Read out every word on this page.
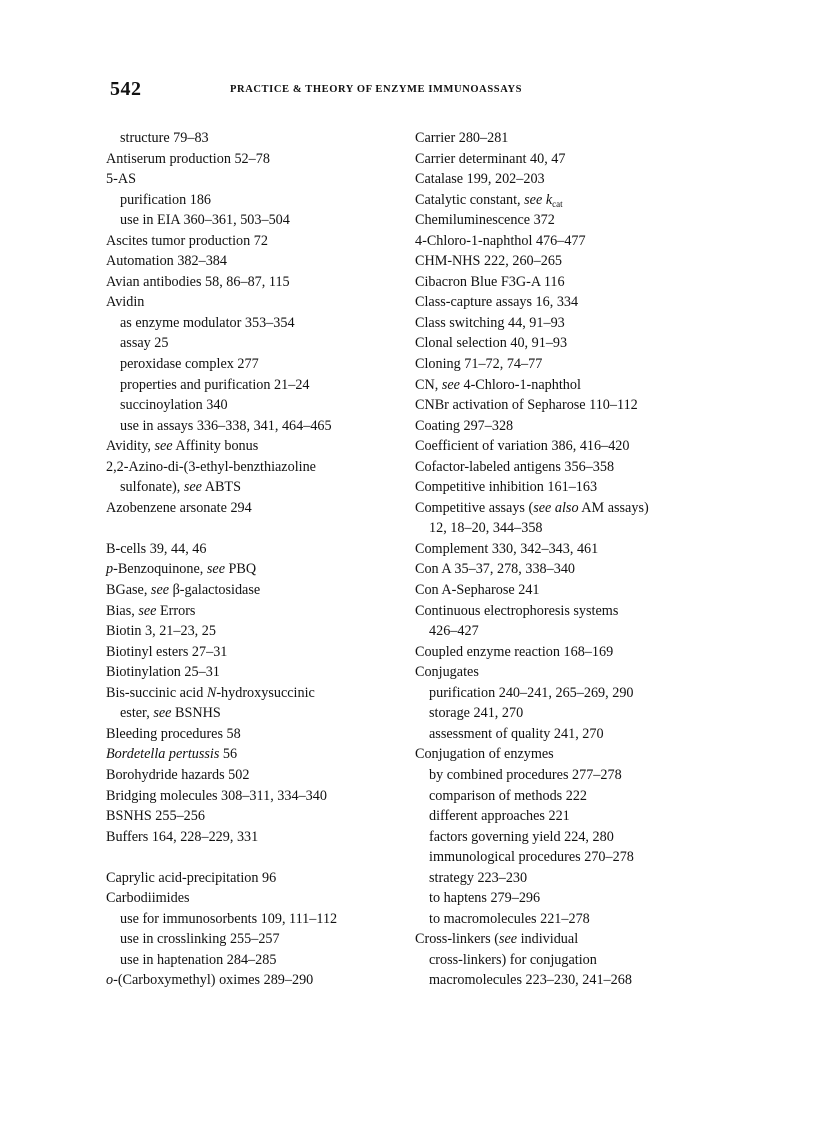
542	PRACTICE & THEORY OF ENZYME IMMUNOASSAYS
structure 79–83
Antiserum production 52–78
5-AS
purification 186
use in EIA 360–361, 503–504
Ascites tumor production 72
Automation 382–384
Avian antibodies 58, 86–87, 115
Avidin
as enzyme modulator 353–354
assay 25
peroxidase complex 277
properties and purification 21–24
succinoylation 340
use in assays 336–338, 341, 464–465
Avidity, see Affinity bonus
2,2-Azino-di-(3-ethyl-benzthiazoline
sulfonate), see ABTS
Azobenzene arsonate 294
B-cells 39, 44, 46
p-Benzoquinone, see PBQ
BGase, see β-galactosidase
Bias, see Errors
Biotin 3, 21–23, 25
Biotinyl esters 27–31
Biotinylation 25–31
Bis-succinic acid N-hydroxysuccinic
ester, see BSNHS
Bleeding procedures 58
Bordetella pertussis 56
Borohydride hazards 502
Bridging molecules 308–311, 334–340
BSNHS 255–256
Buffers 164, 228–229, 331
Caprylic acid-precipitation 96
Carbodiimides
use for immunosorbents 109, 111–112
use in crosslinking 255–257
use in haptenation 284–285
o-(Carboxymethyl) oximes 289–290
Carrier 280–281
Carrier determinant 40, 47
Catalase 199, 202–203
Catalytic constant, see $k_{cat}$
Chemiluminescence 372
4-Chloro-1-naphthol 476–477
CHM-NHS 222, 260–265
Cibacron Blue F3G-A 116
Class-capture assays 16, 334
Class switching 44, 91–93
Clonal selection 40, 91–93
Cloning 71–72, 74–77
CN, see 4-Chloro-1-naphthol
CNBr activation of Sepharose 110–112
Coating 297–328
Coefficient of variation 386, 416–420
Cofactor-labeled antigens 356–358
Competitive inhibition 161–163
Competitive assays (see also AM assays)
12, 18–20, 344–358
Complement 330, 342–343, 461
Con A 35–37, 278, 338–340
Con A-Sepharose 241
Continuous electrophoresis systems
426–427
Coupled enzyme reaction 168–169
Conjugates
purification 240–241, 265–269, 290
storage 241, 270
assessment of quality 241, 270
Conjugation of enzymes
by combined procedures 277–278
comparison of methods 222
different approaches 221
factors governing yield 224, 280
immunological procedures 270–278
strategy 223–230
to haptens 279–296
to macromolecules 221–278
Cross-linkers (see individual
cross-linkers) for conjugation
macromolecules 223–230, 241–268
